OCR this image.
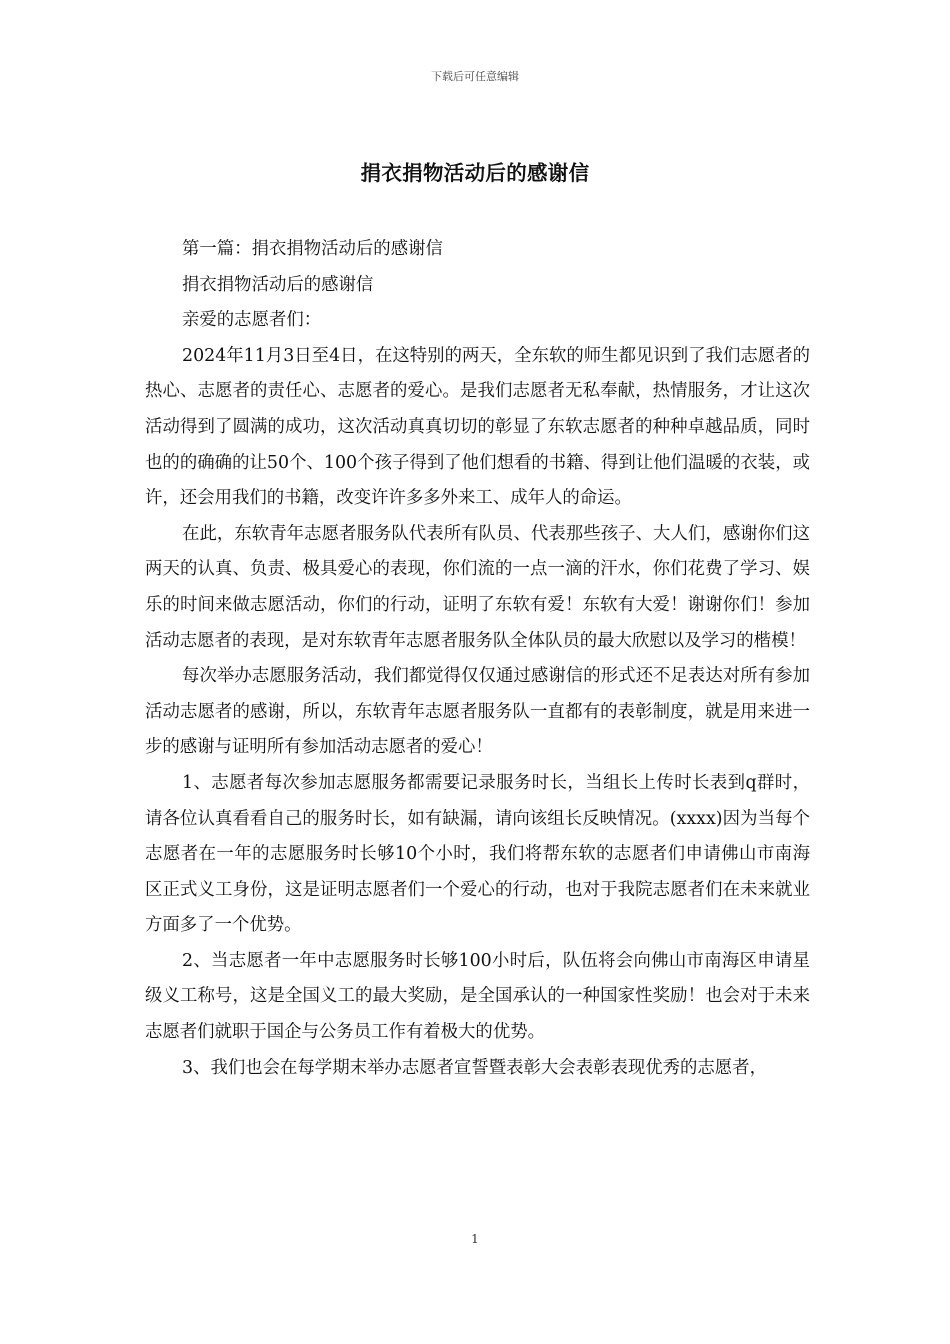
下载后可任意编辑
捐衣捐物活动后的感谢信

第一篇：捐衣捐物活动后的感谢信

捐衣捐物活动后的感谢信

亲爱的志愿者们：

2024年11月3日至4日，在这特别的两天，全东软的师生都见识到了我们志愿者的热心、志愿者的责任心、志愿者的爱心。是我们志愿者无私奉献，热情服务，才让这次活动得到了圆满的成功，这次活动真真切切的彰显了东软志愿者的种种卓越品质，同时也的的确确的让50个、100个孩子得到了他们想看的书籍、得到让他们温暖的衣装，或许，还会用我们的书籍，改变许许多多外来工、成年人的命运。

在此，东软青年志愿者服务队代表所有队员、代表那些孩子、大人们，感谢你们这两天的认真、负责、极具爱心的表现，你们流的一点一滴的汗水，你们花费了学习、娱乐的时间来做志愿活动，你们的行动，证明了东软有爱！东软有大爱！谢谢你们！参加活动志愿者的表现，是对东软青年志愿者服务队全体队员的最大欣慰以及学习的楷模！

每次举办志愿服务活动，我们都觉得仅仅通过感谢信的形式还不足表达对所有参加活动志愿者的感谢，所以，东软青年志愿者服务队一直都有的表彰制度，就是用来进一步的感谢与证明所有参加活动志愿者的爱心！

1、志愿者每次参加志愿服务都需要记录服务时长，当组长上传时长表到q群时，请各位认真看看自己的服务时长，如有缺漏，请向该组长反映情况。(xxxx)因为当每个志愿者在一年的志愿服务时长够10个小时，我们将帮东软的志愿者们申请佛山市南海区正式义工身份，这是证明志愿者们一个爱心的行动，也对于我院志愿者们在未来就业方面多了一个优势。

2、当志愿者一年中志愿服务时长够100小时后，队伍将会向佛山市南海区申请星级义工称号，这是全国义工的最大奖励，是全国承认的一种国家性奖励！也会对于未来志愿者们就职于国企与公务员工作有着极大的优势。

3、我们也会在每学期末举办志愿者宣誓暨表彰大会表彰表现优秀的志愿者，

1
